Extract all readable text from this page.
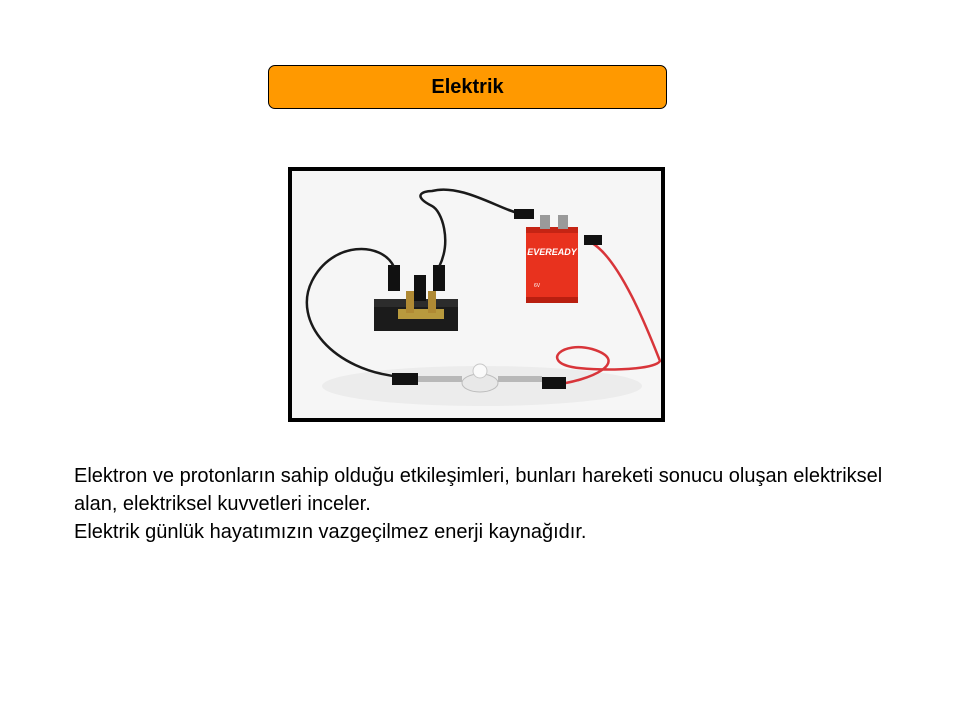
Elektrik
EVEREADY
6V

Elektron ve protonların sahip olduğu etkileşimleri, bunları hareketi sonucu oluşan elektriksel alan, elektriksel kuvvetleri inceler.

Elektrik günlük hayatımızın vazgeçilmez enerji kaynağıdır.
